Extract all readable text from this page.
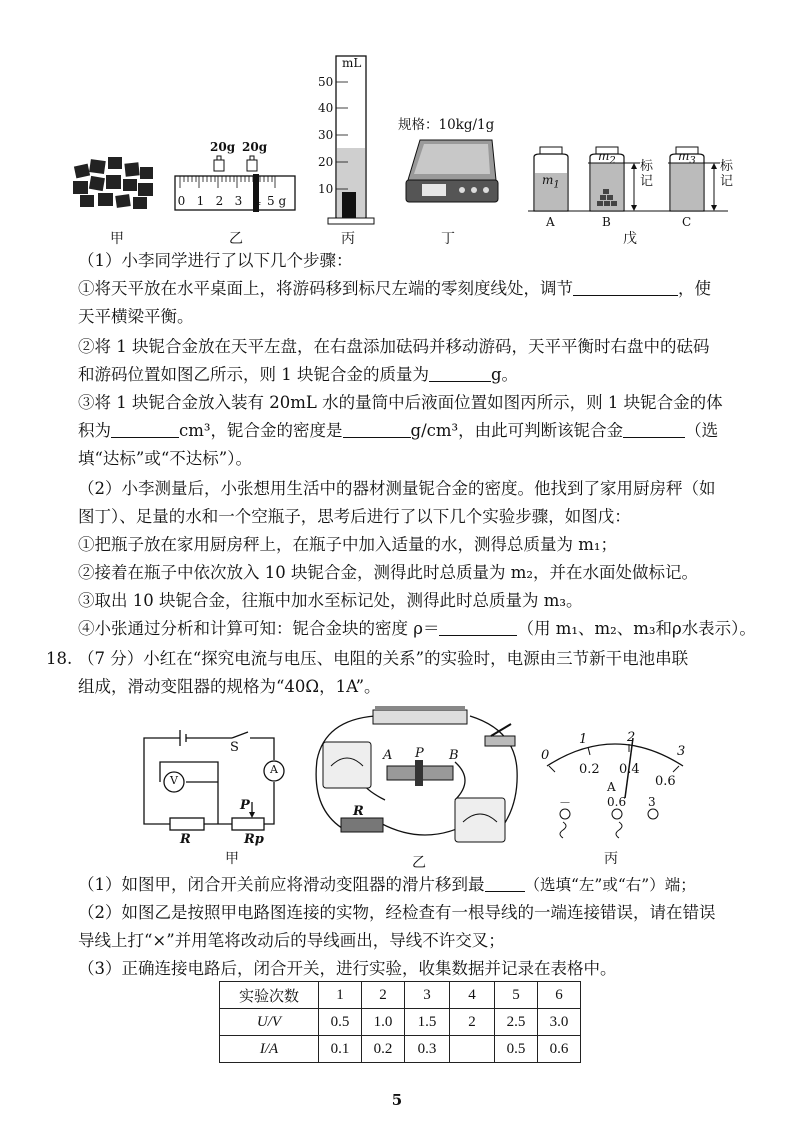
甲
20g 20g
0 1 2 3 4 5 g
乙
mL
50
40
30
20
10
丙
规格：10kg/1g
丁
$m_1$
$m_2$	$m_3$
标记
标记
A	B	C
戊
（1）小李同学进行了以下几个步骤：
①将天平放在水平桌面上，将游码移到标尺左端的零刻度线处，调节	，使
天平横梁平衡。
②将 1 块铌合金放在天平左盘，在右盘添加砝码并移动游码，天平平衡时右盘中的砝码
和游码位置如图乙所示，则 1 块铌合金的质量为	g。
③将 1 块铌合金放入装有 20mL 水的量筒中后液面位置如图丙所示，则 1 块铌合金的体
积为	cm³，铌合金的密度是	g/cm³，由此可判断该铌合金	（选
填“达标”或“不达标”）。
（2）小李测量后，小张想用生活中的器材测量铌合金的密度。他找到了家用厨房秤（如
图丁）、足量的水和一个空瓶子，思考后进行了以下几个实验步骤，如图戊：
①把瓶子放在家用厨房秤上，在瓶子中加入适量的水，测得总质量为 m₁；
②接着在瓶子中依次放入 10 块铌合金，测得此时总质量为 m₂，并在水面处做标记。
③取出 10 块铌合金，往瓶中加水至标记处，测得此时总质量为 m₃。
④小张通过分析和计算可知：铌合金块的密度 ρ＝	（用 m₁、m₂、m₃和ρ水表示）。
18. （7 分）小红在“探究电流与电压、电阻的关系”的实验时，电源由三节新干电池串联
组成，滑动变阻器的规格为“40Ω，1A”。
S
V
A
R
P
Rp
甲
A P B
R
乙
0
1	2
3
0.2 0.4
0.6
A
0.6 3
－
丙
（1）如图甲，闭合开关前应将滑动变阻器的滑片移到最	（选填“左”或“右”）端；
（2）如图乙是按照甲电路图连接的实物，经检查有一根导线的一端连接错误，请在错误
导线上打“×”并用笔将改动后的导线画出，导线不许交叉；
（3）正确连接电路后，闭合开关，进行实验，收集数据并记录在表格中。
实验次数	1	2	3	4	5	6
U/V	0.5	1.0	1.5	2	2.5	3.0
I/A	0.1	0.2	0.3		0.5	0.6
5
